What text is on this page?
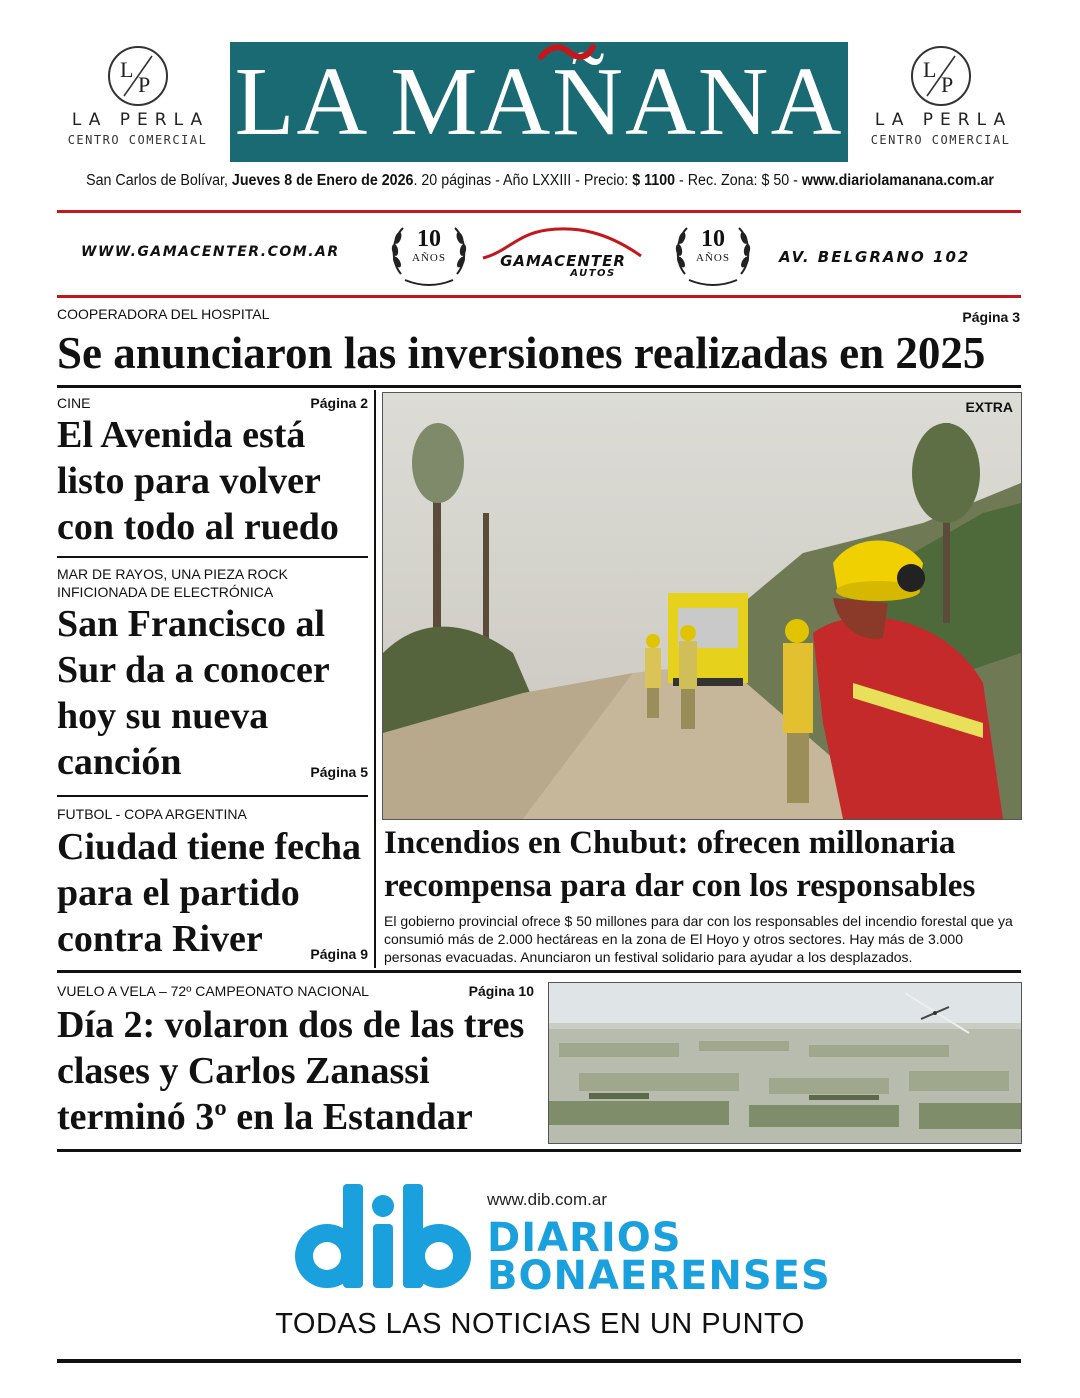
L
P
LA PERLA
CENTRO COMERCIAL LA MAÑANA	L
P
LA PERLA
CENTRO COMERCIAL
San Carlos de Bolívar, Jueves 8 de Enero de 2026. 20 páginas - Año LXXIII - Precio: $ 1100 - Rec. Zona: $ 50 - www.diariolamanana.com.ar
WWW.GAMACENTER.COM.AR	10
AÑOS	GAMACENTER
AUTOS
10
AÑOS	AV. BELGRANO 102
COOPERADORA DEL HOSPITAL	Página 3
Se anunciaron las inversiones realizadas en 2025
CINE	Página 2
El Avenida está listo para volver con todo al ruedo
MAR DE RAYOS, UNA PIEZA ROCK INFICIONADA DE ELECTRÓNICA
San Francisco al Sur da a conocer hoy su nueva canción	Página 5
FUTBOL - COPA ARGENTINA
Ciudad tiene fecha para el partido contra River	Página 9
EXTRA
Incendios en Chubut: ofrecen millonaria recompensa para dar con los responsables
El gobierno provincial ofrece $ 50 millones para dar con los responsables del incendio forestal que ya consumió más de 2.000 hectáreas en la zona de El Hoyo y otros sectores. Hay más de 3.000 personas evacuadas. Anunciaron un festival solidario para ayudar a los desplazados.
VUELO A VELA – 72º CAMPEONATO NACIONAL	Página 10
Día 2: volaron dos de las tres clases y Carlos Zanassi terminó 3º en la Estandar
www.dib.com.ar
DIARIOS
BONAERENSES
TODAS LAS NOTICIAS EN UN PUNTO
